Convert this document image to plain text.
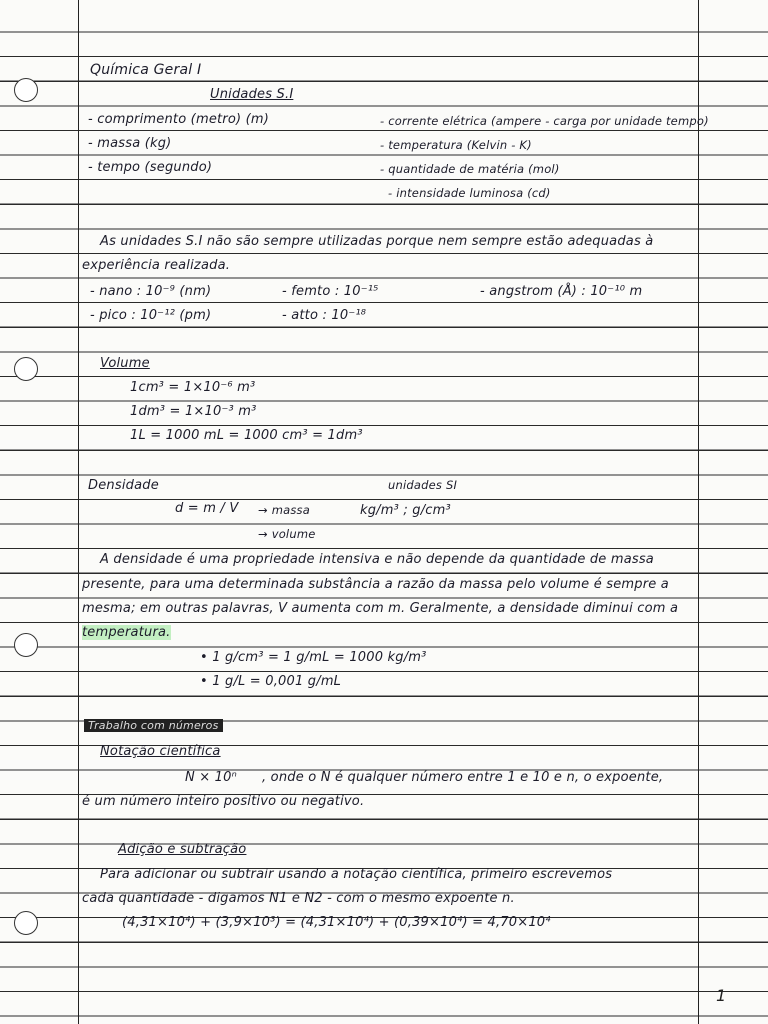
Química Geral I
Unidades S.I
- comprimento (metro) (m)
- massa (kg)
- tempo (segundo)
- corrente elétrica (ampere - carga por unidade tempo)
- temperatura (Kelvin - K)
- quantidade de matéria (mol)
- intensidade luminosa (cd)
As unidades S.I não são sempre utilizadas porque nem sempre estão adequadas à
experiência realizada.
- nano : 10⁻⁹ (nm)	- femto : 10⁻¹⁵	- angstrom (Å) : 10⁻¹⁰ m
- pico : 10⁻¹² (pm)	- atto : 10⁻¹⁸
Volume
1cm³ = 1×10⁻⁶ m³
1dm³ = 1×10⁻³ m³
1L = 1000 mL = 1000 cm³ = 1dm³
Densidade	unidades SI
d = m / V → massa
→ volume
kg/m³ ; g/cm³
A densidade é uma propriedade intensiva e não depende da quantidade de massa
presente, para uma determinada substância a razão da massa pelo volume é sempre a
mesma; em outras palavras, V aumenta com m. Geralmente, a densidade diminui com a
temperatura.
• 1 g/cm³ = 1 g/mL = 1000 kg/m³
• 1 g/L = 0,001 g/mL
Trabalho com números
Notação científica
N × 10ⁿ , onde o N é qualquer número entre 1 e 10 e n, o expoente,
é um número inteiro positivo ou negativo.
Adição e subtração
Para adicionar ou subtrair usando a notação científica, primeiro escrevemos
cada quantidade - digamos N1 e N2 - com o mesmo expoente n.
(4,31×10⁴) + (3,9×10³) = (4,31×10⁴) + (0,39×10⁴) = 4,70×10⁴
1
